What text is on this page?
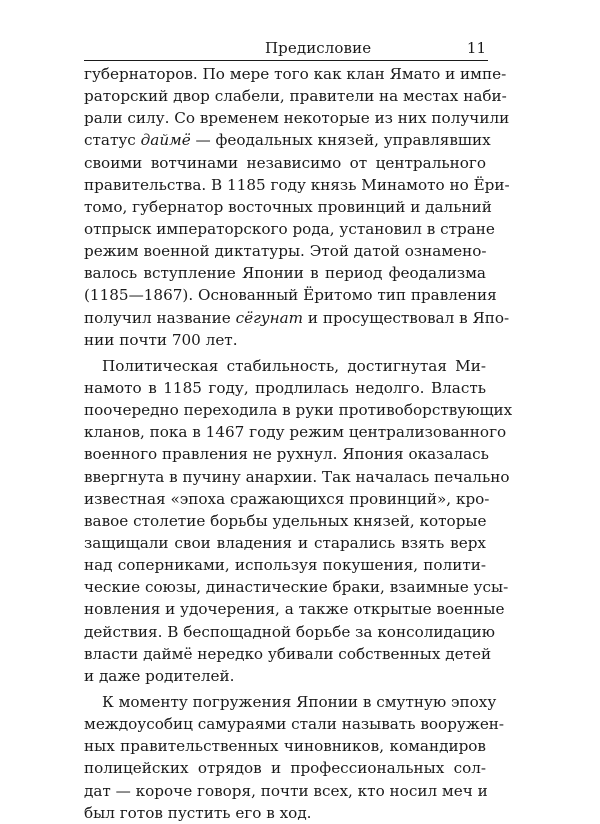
Предисловие	11
губернаторов. По мере того как клан Ямато и импе-
раторский двор слабели, правители на местах наби-
рали силу. Со временем некоторые из них получили
статус даймё — феодальных князей, управлявших
своими вотчинами независимо от центрального
правительства. В 1185 году князь Минамото но Ёри-
томо, губернатор восточных провинций и дальний
отпрыск императорского рода, установил в стране
режим военной диктатуры. Этой датой ознаменo-
валось вступление Японии в период феодализма
(1185—1867). Основанный Ёритомо тип правления
получил название сёгунат и просуществовал в Япо-
нии почти 700 лет.
Политическая стабильность, достигнутая Ми-
намото в 1185 году, продлилась недолго. Власть
поочередно переходила в руки противоборствующих
кланов, пока в 1467 году режим централизованного
военного правления не рухнул. Япония оказалась
ввергнута в пучину анархии. Так началась печально
известная «эпоха сражающихся провинций», кро-
вавое столетие борьбы удельных князей, которые
защищали свои владения и старались взять верх
над соперниками, используя покушения, полити-
ческие союзы, династические браки, взаимные усы-
новления и удочерения, а также открытые военные
действия. В беспощадной борьбе за консолидацию
власти даймё нередко убивали собственных детей
и даже родителей.
К моменту погружения Японии в смутную эпоху
междоусобиц самураями стали называть вооружен-
ных правительственных чиновников, командиров
полицейских отрядов и профессиональных сол-
дат — короче говоря, почти всех, кто носил меч и
был готов пустить его в ход.
